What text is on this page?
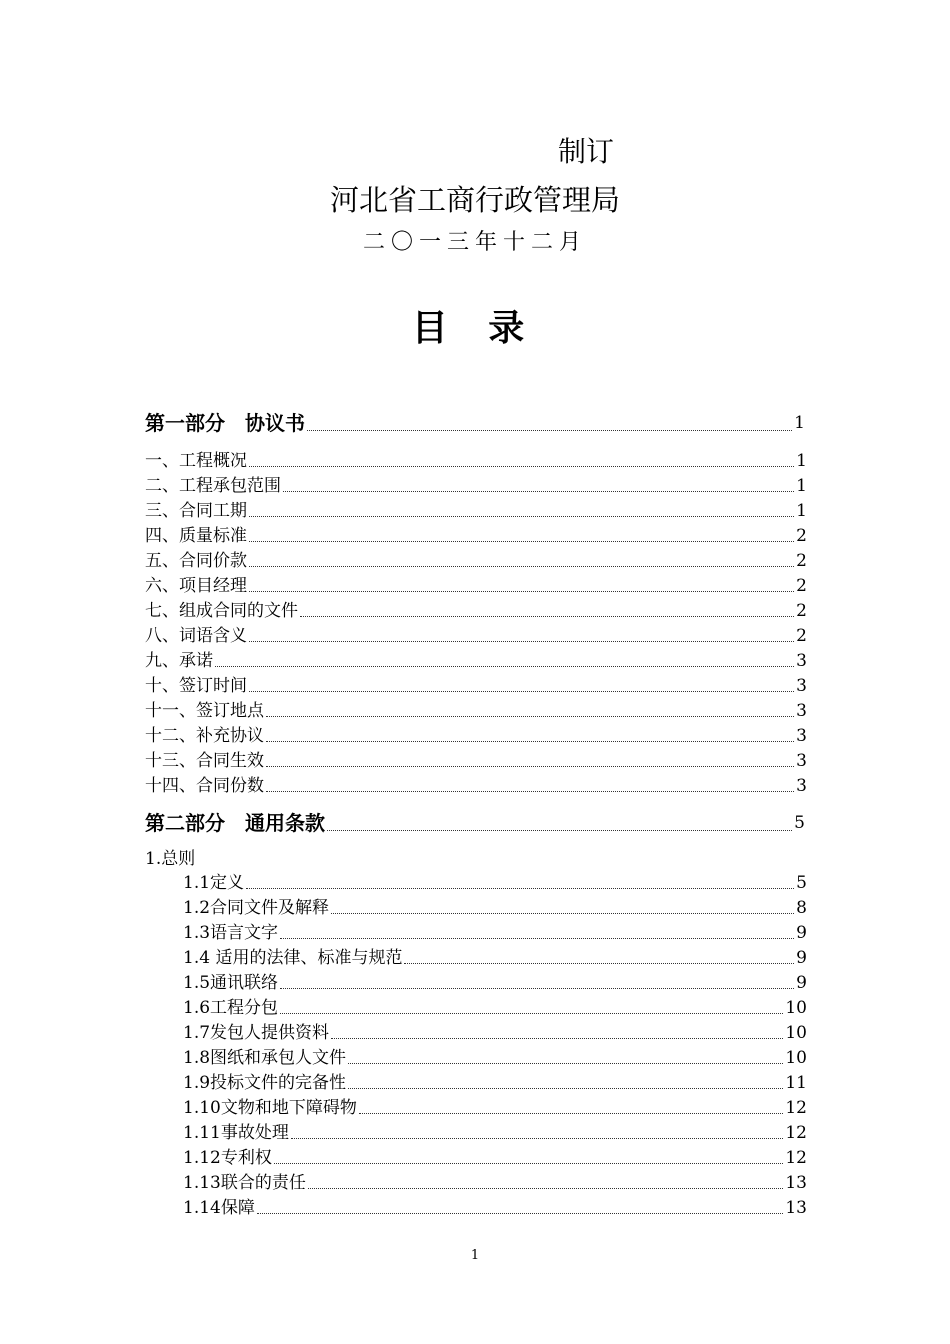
制订
河北省工商行政管理局
二〇一三年十二月
目 录
第一部分　协议书	1
一、工程概况	1
二、工程承包范围	1
三、合同工期	1
四、质量标准	2
五、合同价款	2
六、项目经理	2
七、组成合同的文件	2
八、词语含义	2
九、承诺	3
十、签订时间	3
十一、签订地点	3
十二、补充协议	3
十三、合同生效	3
十四、合同份数	3
第二部分　通用条款	5
1.总则
1.1定义	5
1.2合同文件及解释	8
1.3语言文字	9
1.4 适用的法律、标准与规范	9
1.5通讯联络	9
1.6工程分包	10
1.7发包人提供资料	10
1.8图纸和承包人文件	10
1.9投标文件的完备性	11
1.10文物和地下障碍物	12
1.11事故处理	12
1.12专利权	12
1.13联合的责任	13
1.14保障	13
1
